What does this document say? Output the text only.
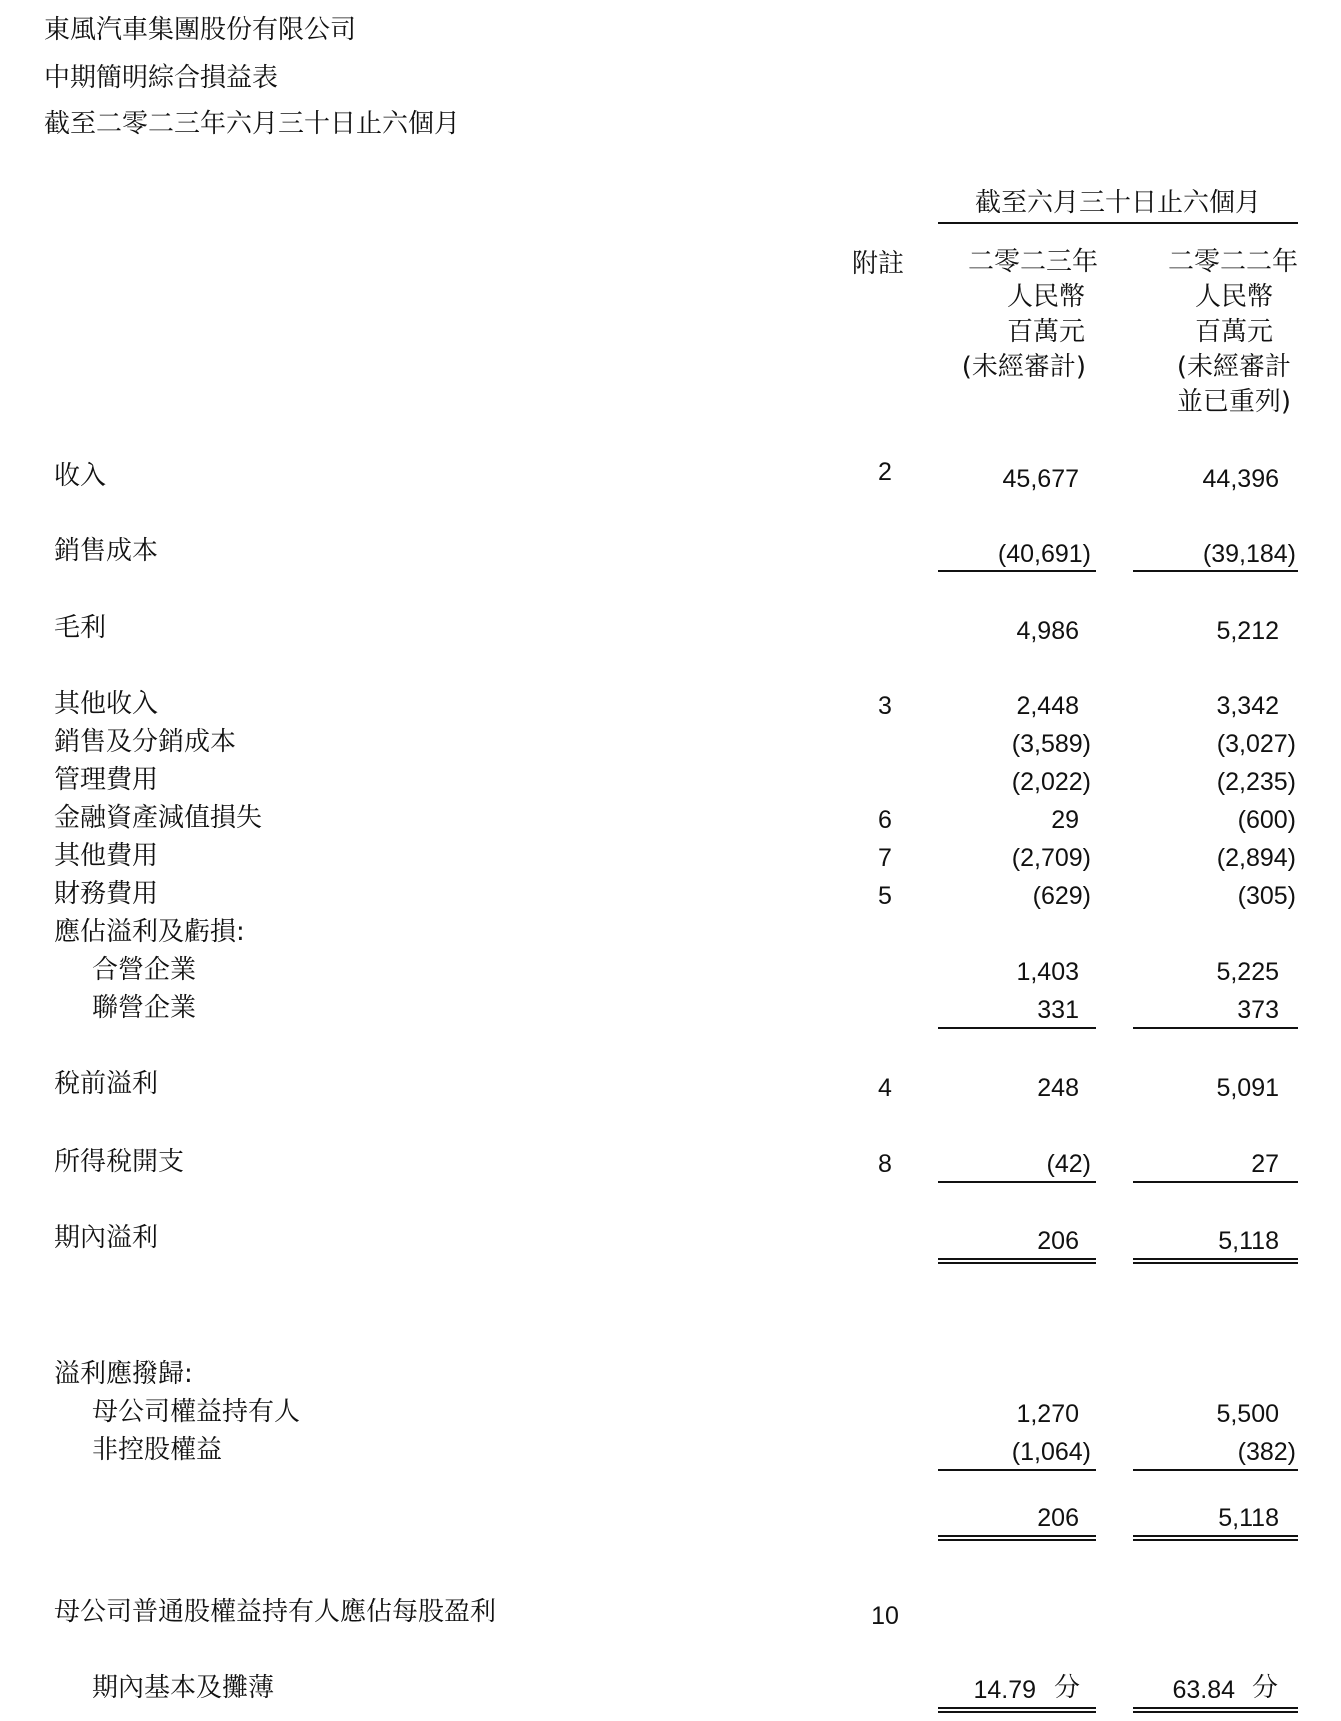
東風汽車集團股份有限公司
中期簡明綜合損益表
截至二零二三年六月三十日止六個月
截至六月三十日止六個月
附註 二零二三年
人民幣
百萬元
(未經審計)
二零二二年
人民幣
百萬元
(未經審計
並已重列)
收入	2	45,677	44,396
銷售成本	(40,691)	(39,184)
毛利	4,986	5,212
其他收入	3	2,448	3,342
銷售及分銷成本	(3,589)	(3,027)
管理費用	(2,022)	(2,235)
金融資產減值損失	6	29	(600)
其他費用	7	(2,709)	(2,894)
財務費用	5	(629)	(305)
應佔溢利及虧損:
合營企業	1,403	5,225
聯營企業	331	373
稅前溢利	4	248	5,091
所得稅開支	8	(42)	27
期內溢利	206	5,118
溢利應撥歸:
母公司權益持有人	1,270	5,500
非控股權益	(1,064)	(382)
206	5,118
母公司普通股權益持有人應佔每股盈利	10
期內基本及攤薄	14.79 分	63.84 分
